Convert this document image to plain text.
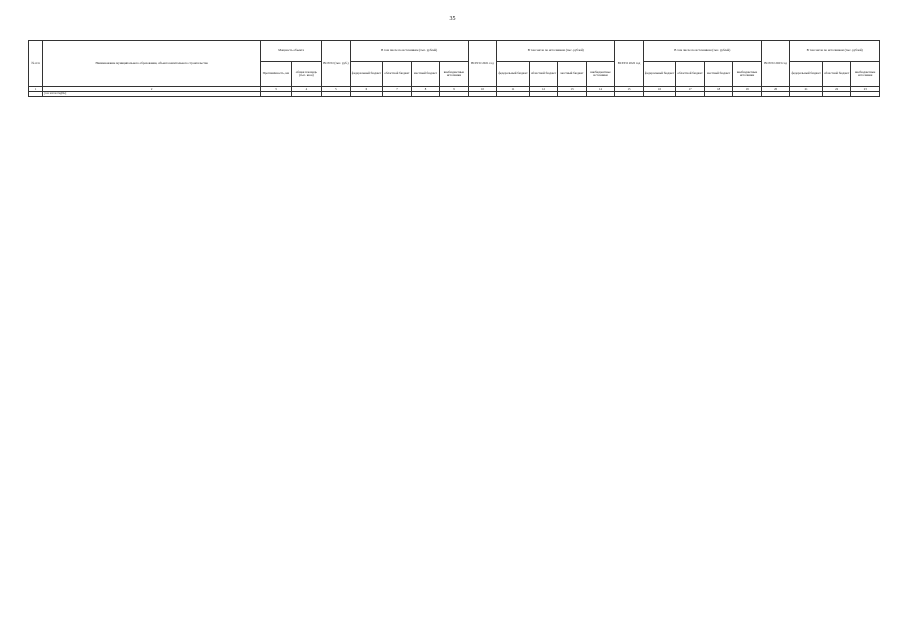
35
№ п/п	Наименование муниципального образования, объекта капитального строительства	Мощность объекта		ВСЕГО (тыс. руб.)	В том числе по источникам (тыс. рублей)				ВСЕГО 2021 год	В том числе по источникам (тыс. рублей)				ВСЕГО 2022 год	В том числе по источникам (тыс. рублей)				ВСЕГО 2023 год	В том числе по источникам (тыс. рублей)		
		Протяжённость, км	общая площадь (тыс. кв.м)		федеральный бюджет	областной бюджет	местный бюджет	внебюджетные источники		федеральный бюджет	областной бюджет	местный бюджет	внебюджетные источники		федеральный бюджет	областной бюджет	местный бюджет	внебюджетные источники		федеральный бюджет	областной бюджет	внебюджетные источники
1	2	3	4	5	6	7	8	9	10	11	12	13	14	15	16	17	18	19	20	21	22	23
	[row text not legible]																					
